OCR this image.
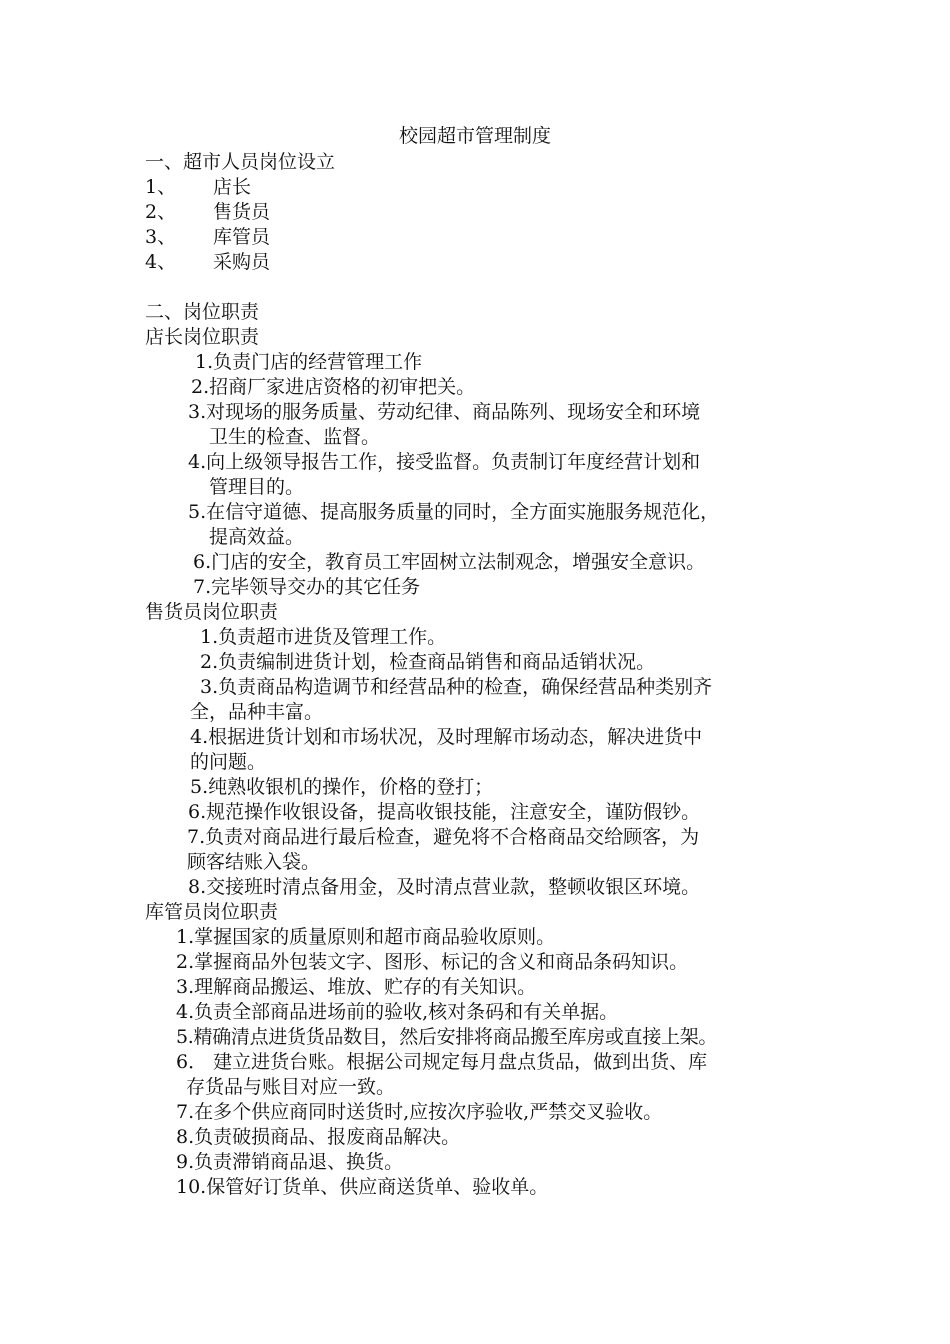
校园超市管理制度
一、超市人员岗位设立
1、 店长
2、 售货员
3、 库管员
4、 采购员
二、岗位职责
店长岗位职责
1.负责门店的经营管理工作
2.招商厂家进店资格的初审把关。
3.对现场的服务质量、劳动纪律、商品陈列、现场安全和环境
卫生的检查、监督。
4.向上级领导报告工作，接受监督。负责制订年度经营计划和
管理目的。
5.在信守道德、提高服务质量的同时，全方面实施服务规范化，
提高效益。
6.门店的安全，教育员工牢固树立法制观念，增强安全意识。
7.完毕领导交办的其它任务
售货员岗位职责
1.负责超市进货及管理工作。
2.负责编制进货计划，检查商品销售和商品适销状况。
3.负责商品构造调节和经营品种的检查，确保经营品种类别齐
全，品种丰富。
4.根据进货计划和市场状况，及时理解市场动态，解决进货中
的问题。
5.纯熟收银机的操作，价格的登打；
6.规范操作收银设备，提高收银技能，注意安全，谨防假钞。
7.负责对商品进行最后检查，避免将不合格商品交给顾客，为
顾客结账入袋。
8.交接班时清点备用金，及时清点营业款，整顿收银区环境。
库管员岗位职责
1.掌握国家的质量原则和超市商品验收原则。
2.掌握商品外包装文字、图形、标记的含义和商品条码知识。
3.理解商品搬运、堆放、贮存的有关知识。
4.负责全部商品进场前的验收,核对条码和有关单据。
5.精确清点进货货品数目，然后安排将商品搬至库房或直接上架。
6． 建立进货台账。根据公司规定每月盘点货品，做到出货、库
存货品与账目对应一致。
7.在多个供应商同时送货时,应按次序验收,严禁交叉验收。
8.负责破损商品、报废商品解决。
9.负责滞销商品退、换货。
10.保管好订货单、供应商送货单、验收单。
